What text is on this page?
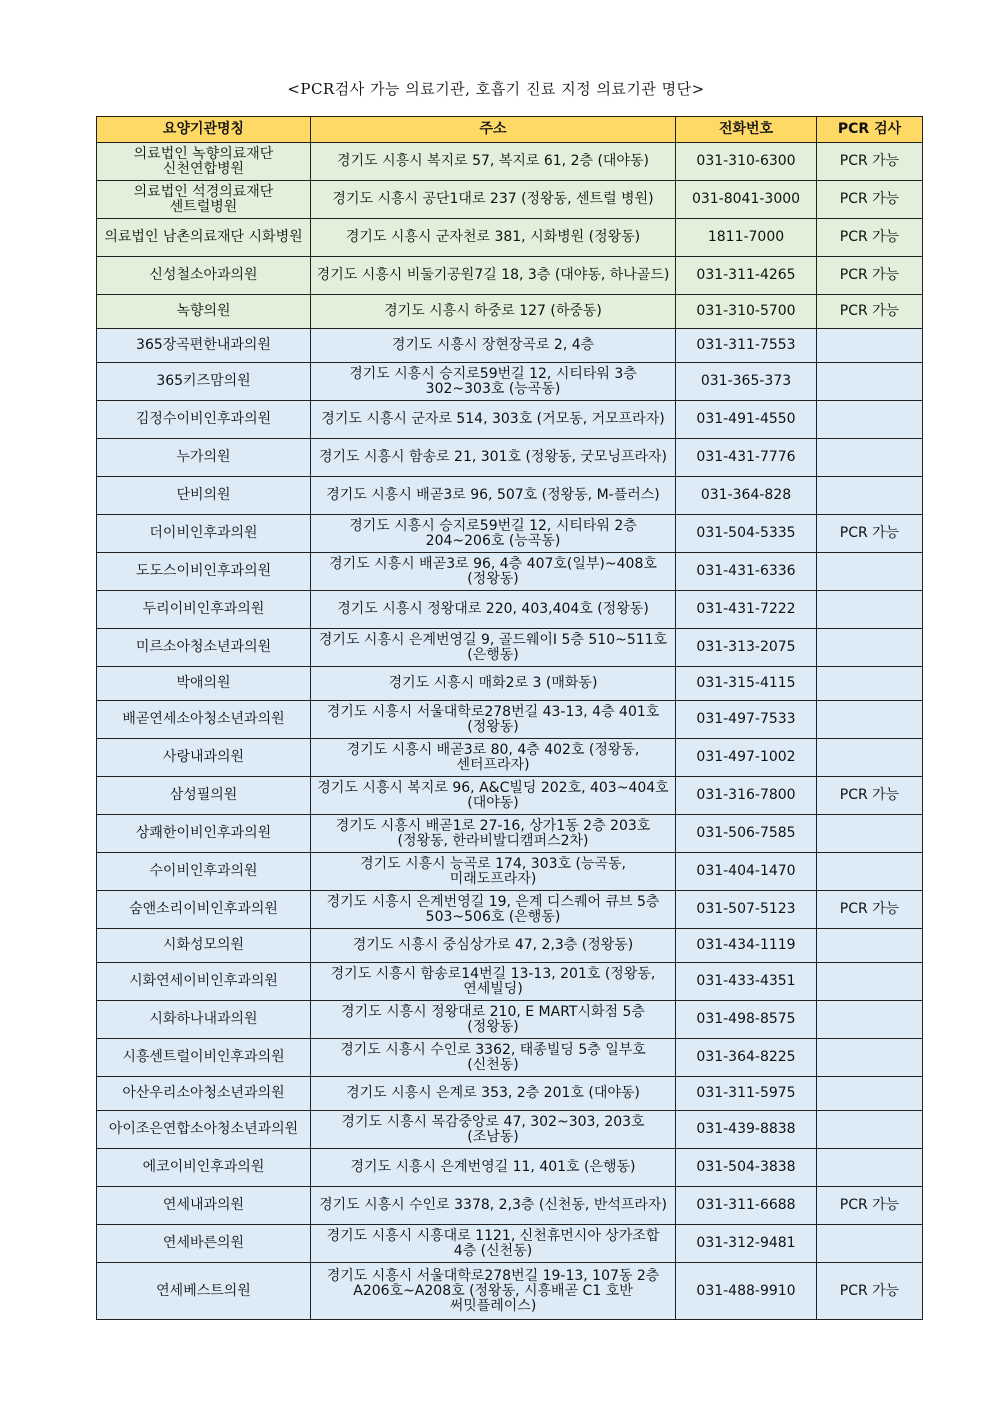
<PCR검사 가능 의료기관, 호흡기 진료 지정 의료기관 명단>
요양기관명칭	주소	전화번호	PCR 검사
의료법인 녹향의료재단 신천연합병원	경기도 시흥시 복지로 57, 복지로 61, 2층 (대야동)	031-310-6300	PCR 가능
의료법인 석경의료재단 센트럴병원	경기도 시흥시 공단1대로 237 (정왕동, 센트럴 병원)	031-8041-3000	PCR 가능
의료법인 남촌의료재단 시화병원	경기도 시흥시 군자천로 381, 시화병원 (정왕동)	1811-7000	PCR 가능
신성철소아과의원	경기도 시흥시 비둘기공원7길 18, 3층 (대야동, 하나골드)	031-311-4265	PCR 가능
녹향의원	경기도 시흥시 하중로 127 (하중동)	031-310-5700	PCR 가능
365장곡편한내과의원	경기도 시흥시 장현장곡로 2, 4층	031-311-7553	
365키즈맘의원	경기도 시흥시 승지로59번길 12, 시티타워 3층 302~303호 (능곡동)	031-365-373	
김정수이비인후과의원	경기도 시흥시 군자로 514, 303호 (거모동, 거모프라자)	031-491-4550	
누가의원	경기도 시흥시 함송로 21, 301호 (정왕동, 굿모닝프라자)	031-431-7776	
단비의원	경기도 시흥시 배곧3로 96, 507호 (정왕동, M-플러스)	031-364-828	
더이비인후과의원	경기도 시흥시 승지로59번길 12, 시티타워 2층 204~206호 (능곡동)	031-504-5335	PCR 가능
도도스이비인후과의원	경기도 시흥시 배곧3로 96, 4층 407호(일부)~408호 (정왕동)	031-431-6336	
두리이비인후과의원	경기도 시흥시 정왕대로 220, 403,404호 (정왕동)	031-431-7222	
미르소아청소년과의원	경기도 시흥시 은계번영길 9, 골드웨이I 5층 510~511호 (은행동)	031-313-2075	
박애의원	경기도 시흥시 매화2로 3 (매화동)	031-315-4115	
배곧연세소아청소년과의원	경기도 시흥시 서울대학로278번길 43-13, 4층 401호 (정왕동)	031-497-7533	
사랑내과의원	경기도 시흥시 배곧3로 80, 4층 402호 (정왕동, 센터프라자)	031-497-1002	
삼성필의원	경기도 시흥시 복지로 96, A&C빌딩 202호, 403~404호 (대야동)	031-316-7800	PCR 가능
상쾌한이비인후과의원	경기도 시흥시 배곧1로 27-16, 상가1동 2층 203호 (정왕동, 한라비발디캠퍼스2차)	031-506-7585	
수이비인후과의원	경기도 시흥시 능곡로 174, 303호 (능곡동, 미래도프라자)	031-404-1470	
숨앤소리이비인후과의원	경기도 시흥시 은계번영길 19, 은계 디스퀘어 큐브 5층 503~506호 (은행동)	031-507-5123	PCR 가능
시화성모의원	경기도 시흥시 중심상가로 47, 2,3층 (정왕동)	031-434-1119	
시화연세이비인후과의원	경기도 시흥시 함송로14번길 13-13, 201호 (정왕동, 연세빌딩)	031-433-4351	
시화하나내과의원	경기도 시흥시 정왕대로 210, E MART시화점 5층 (정왕동)	031-498-8575	
시흥센트럴이비인후과의원	경기도 시흥시 수인로 3362, 태종빌딩 5층 일부호 (신천동)	031-364-8225	
아산우리소아청소년과의원	경기도 시흥시 은계로 353, 2층 201호 (대야동)	031-311-5975	
아이조은연합소아청소년과의원	경기도 시흥시 목감중앙로 47, 302~303, 203호 (조남동)	031-439-8838	
에코이비인후과의원	경기도 시흥시 은계번영길 11, 401호 (은행동)	031-504-3838	
연세내과의원	경기도 시흥시 수인로 3378, 2,3층 (신천동, 반석프라자)	031-311-6688	PCR 가능
연세바른의원	경기도 시흥시 시흥대로 1121, 신천휴먼시아 상가조합 4층 (신천동)	031-312-9481	
연세베스트의원	경기도 시흥시 서울대학로278번길 19-13, 107동 2층 A206호~A208호 (정왕동, 시흥배곧 C1 호반 써밋플레이스)	031-488-9910	PCR 가능
